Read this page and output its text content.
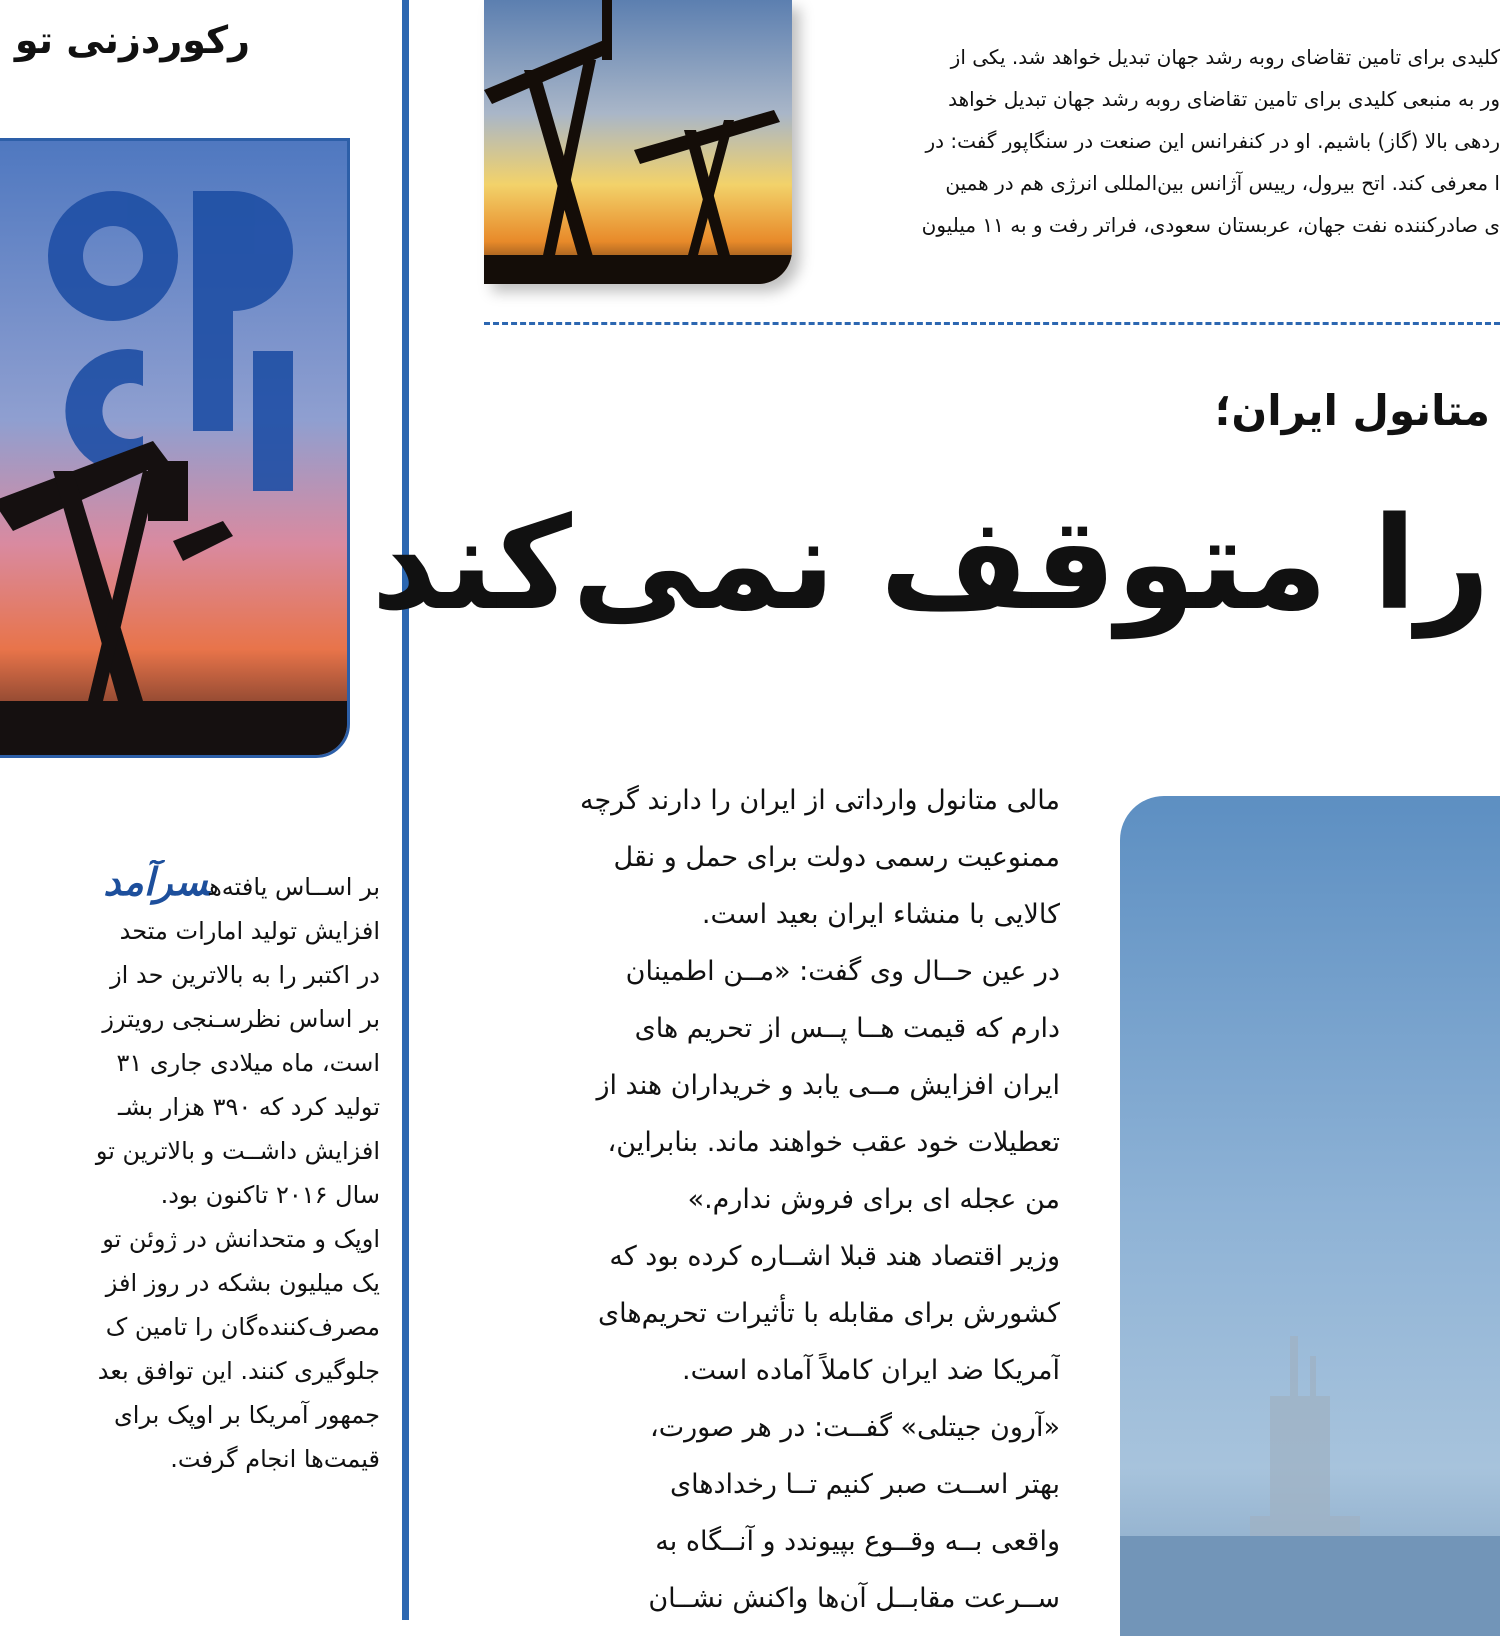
رکوردزنی تو

بر اســاس یافته‌هسرآمد

افزایش تولید امارات متحد

در اکتبر را به بالاترین حد از

بر اساس نظرسـنجی رویترز

است، ماه میلادی جاری ۳۱

تولید کرد که ۳۹۰ هزار بشـ

افزایش داشــت و بالاترین تو

سال ۲۰۱۶ تاکنون بود.

اوپک و متحدانش در ژوئن تو

یک میلیون بشکه در روز افز

مصرف‌کننده‌گان را تامین ک

جلوگیری کنند. این توافق بعد

جمهور آمریکا بر اوپک برای

قیمت‌ها انجام گرفت.

کلیدی برای تامین تقاضای روبه رشد جهان تبدیل خواهد شد. یکی از

ور به منبعی کلیدی برای تامین تقاضای روبه رشد جهان تبدیل خواهد

ردهی بالا (گاز) باشیم. او در کنفرانس این صنعت در سنگاپور گفت: در

ا معرفی کند. اتح بیرول، رییس آژانس بین‌المللی انرژی هم در همین

ی صادرکننده نفت جهان، عربستان سعودی، فراتر رفت و به ۱۱ میلیون

متانول ایران؛
را متوقف نمی‌کند

مالی متانول وارداتی از ایران را دارند گرچه

ممنوعیت رسمی دولت برای حمل و نقل

کالایی با منشاء ایران بعید است.

در عین حــال وی گفت: «مــن اطمینان

دارم که قیمت هــا پــس از تحریم های

ایران افزایش مــی یابد و خریداران هند از

تعطیلات خود عقب خواهند ماند. بنابراین،

من عجله ای برای فروش ندارم.»

وزیر اقتصاد هند قبلا اشــاره کرده بود که

کشورش برای مقابله با تأثیرات تحریم‌های

آمریکا ضد ایران کاملاً آماده است.

«آرون جیتلی» گفــت: در هر صورت،

بهتر اســت صبر کنیم تــا رخدادهای

واقعی بــه وقــوع بپیوندد و آنــگاه به

ســرعت مقابــل آن‌ها واکنش نشــان
